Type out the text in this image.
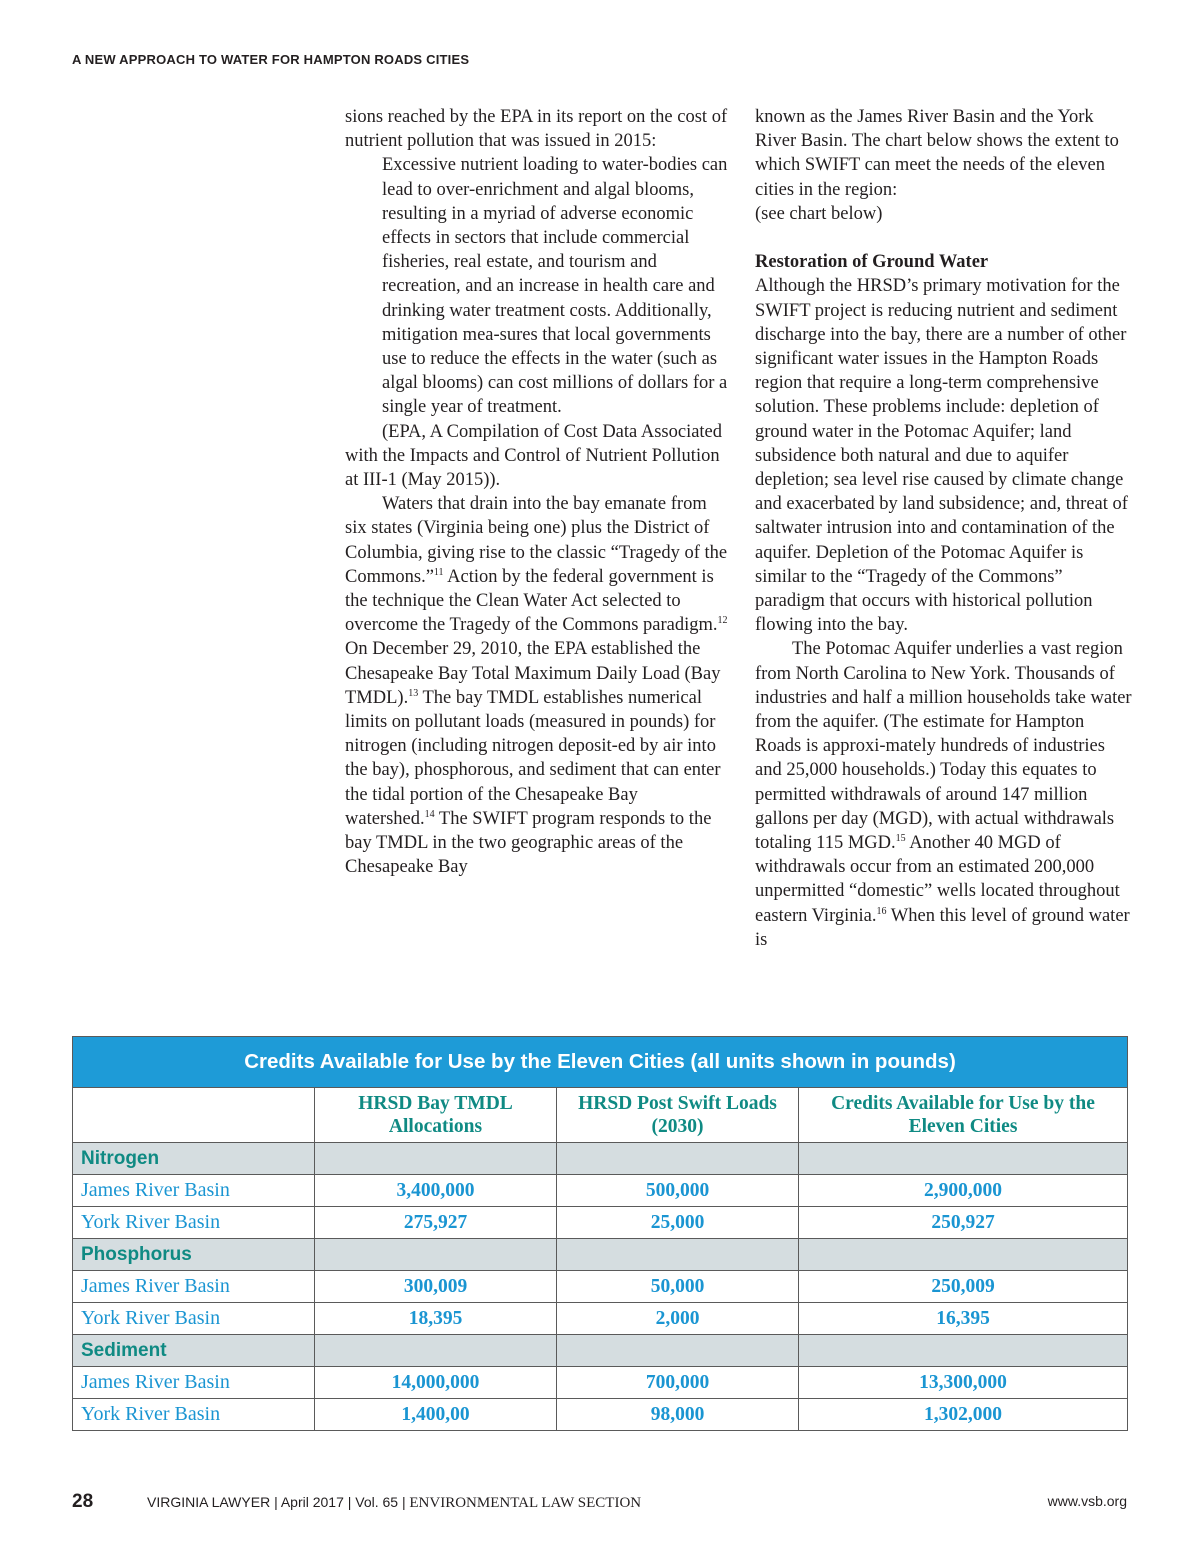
A NEW APPROACH TO WATER FOR HAMPTON ROADS CITIES

sions reached by the EPA in its report on the cost of nutrient pollution that was issued in 2015:

Excessive nutrient loading to water-bodies can lead to over-enrichment and algal blooms, resulting in a myriad of adverse economic effects in sectors that include commercial fisheries, real estate, and tourism and recreation, and an increase in health care and drinking water treatment costs. Additionally, mitigation mea-sures that local governments use to reduce the effects in the water (such as algal blooms) can cost millions of dollars for a single year of treatment.

(EPA, A Compilation of Cost Data Associated with the Impacts and Control of Nutrient Pollution at III-1 (May 2015)).

Waters that drain into the bay emanate from six states (Virginia being one) plus the District of Columbia, giving rise to the classic “Tragedy of the Commons.”$^{11}$ Action by the federal government is the technique the Clean Water Act selected to overcome the Tragedy of the Commons paradigm.$^{12}$ On December 29, 2010, the EPA established the Chesapeake Bay Total Maximum Daily Load (Bay TMDL).$^{13}$ The bay TMDL establishes numerical limits on pollutant loads (measured in pounds) for nitrogen (including nitrogen deposit-ed by air into the bay), phosphorous, and sediment that can enter the tidal portion of the Chesapeake Bay watershed.$^{14}$ The SWIFT program responds to the bay TMDL in the two geographic areas of the Chesapeake Bay

known as the James River Basin and the York River Basin. The chart below shows the extent to which SWIFT can meet the needs of the eleven cities in the region:

(see chart below)

Restoration of Ground Water

Although the HRSD’s primary motivation for the SWIFT project is reducing nutrient and sediment discharge into the bay, there are a number of other significant water issues in the Hampton Roads region that require a long-term comprehensive solution. These problems include: depletion of ground water in the Potomac Aquifer; land subsidence both natural and due to aquifer depletion; sea level rise caused by climate change and exacerbated by land subsidence; and, threat of saltwater intrusion into and contamination of the aquifer. Depletion of the Potomac Aquifer is similar to the “Tragedy of the Commons” paradigm that occurs with historical pollution flowing into the bay.

The Potomac Aquifer underlies a vast region from North Carolina to New York. Thousands of industries and half a million households take water from the aquifer. (The estimate for Hampton Roads is approxi-mately hundreds of industries and 25,000 households.) Today this equates to permitted withdrawals of around 147 million gallons per day (MGD), with actual withdrawals totaling 115 MGD.$^{15}$ Another 40 MGD of withdrawals occur from an estimated 200,000 unpermitted “domestic” wells located throughout eastern Virginia.$^{16}$ When this level of ground water is

Credits Available for Use by the Eleven Cities (all units shown in pounds)			
	HRSD Bay TMDL Allocations	HRSD Post Swift Loads (2030)	Credits Available for Use by the Eleven Cities
Nitrogen			
James River Basin	3,400,000	500,000	2,900,000
York River Basin	275,927	25,000	250,927
Phosphorus			
James River Basin	300,009	50,000	250,009
York River Basin	18,395	2,000	16,395
Sediment			
James River Basin	14,000,000	700,000	13,300,000
York River Basin	1,400,00	98,000	1,302,000
28	VIRGINIA LAWYER | April 2017 | Vol. 65 | ENVIRONMENTAL LAW SECTION	www.vsb.org
